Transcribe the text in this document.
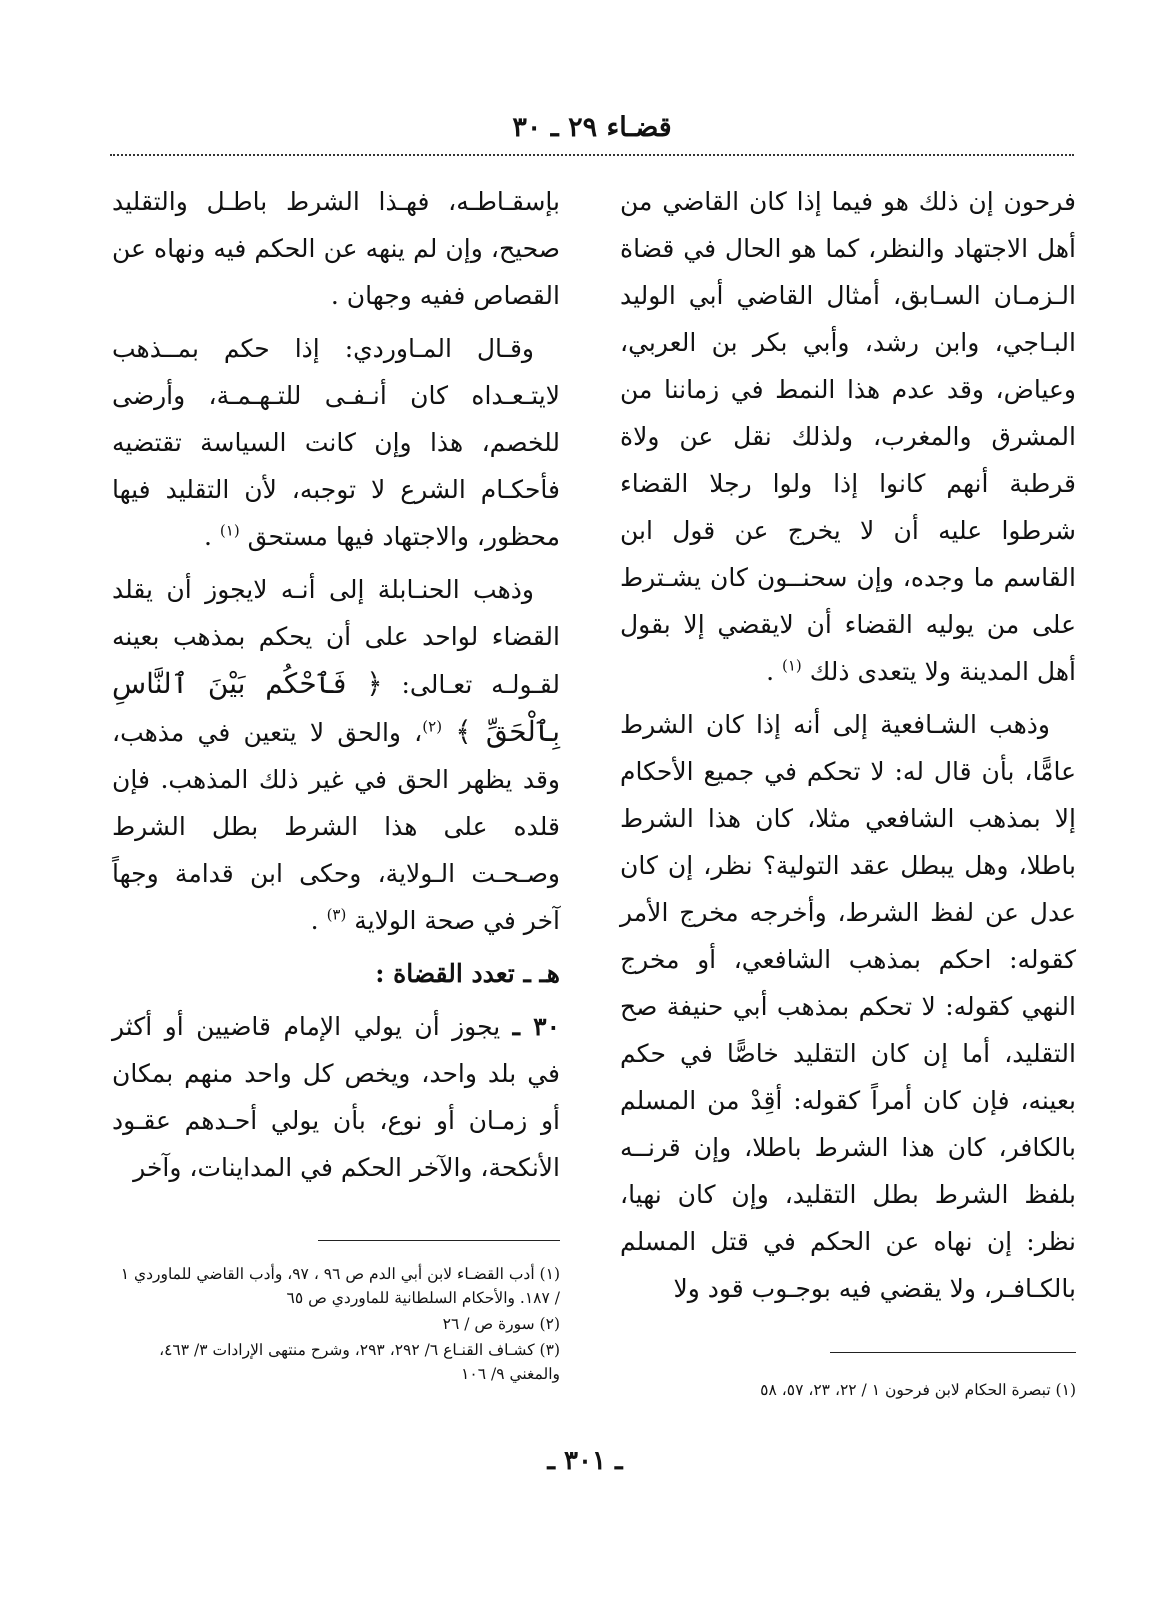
قضـاء ٢٩ ـ ٣٠

فرحون إن ذلك هو فيما إذا كان القاضي من أهل الاجتهاد والنظر، كما هو الحال في قضاة الـزمـان السـابق، أمثال القاضي أبي الوليد البـاجي، وابن رشد، وأبي بكر بن العربي، وعياض، وقد عدم هذا النمط في زماننا من المشرق والمغرب، ولذلك نقل عن ولاة قرطبة أنهم كانوا إذا ولوا رجلا القضاء شرطوا عليه أن لا يخرج عن قول ابن القاسم ما وجده، وإن سحنــون كان يشـترط على من يوليه القضاء أن لايقضي إلا بقول أهل المدينة ولا يتعدى ذلك $^{(١)}$ .

وذهب الشـافعية إلى أنه إذا كان الشرط عامًّا، بأن قال له: لا تحكم في جميع الأحكام إلا بمذهب الشافعي مثلا، كان هذا الشرط باطلا، وهل يبطل عقد التولية؟ نظر، إن كان عدل عن لفظ الشرط، وأخرجه مخرج الأمر كقوله: احكم بمذهب الشافعي، أو مخرج النهي كقوله: لا تحكم بمذهب أبي حنيفة صح التقليد، أما إن كان التقليد خاصًّا في حكم بعينه، فإن كان أمراً كقوله: أقِدْ من المسلم بالكافر، كان هذا الشرط باطلا، وإن قرنــه بلفظ الشرط بطل التقليد، وإن كان نهيا، نظر: إن نهاه عن الحكم في قتل المسلم بالكـافـر، ولا يقضي فيه بوجـوب قود ولا

بإسقـاطـه، فهـذا الشرط باطـل والتقليد صحيح، وإن لم ينهه عن الحكم فيه ونهاه عن القصاص ففيه وجهان .

وقـال المـاوردي: إذا حكم بمــذهب لايتـعـداه كان أنـفـى للتـهـمـة، وأرضى للخصم، هذا وإن كانت السياسة تقتضيه فأحكـام الشرع لا توجبه، لأن التقليد فيها محظور، والاجتهاد فيها مستحق $^{(١)}$ .

وذهب الحنـابلة إلى أنـه لايجوز أن يقلد القضاء لواحد على أن يحكم بمذهب بعينه لقـولـه تعـالى: ﴿ فَٱحْكُم بَيْنَ ٱلنَّاسِ بِٱلْحَقِّ ﴾ $^{(٢)}$، والحق لا يتعين في مذهب، وقد يظهر الحق في غير ذلك المذهب. فإن قلده على هذا الشرط بطل الشرط وصـحـت الـولاية، وحكى ابن قدامة وجهاً آخر في صحة الولاية $^{(٣)}$ .

هـ ـ تعدد القضاة :

٣٠ ـ يجوز أن يولي الإمام قاضيين أو أكثر في بلد واحد، ويخص كل واحد منهم بمكان أو زمـان أو نوع، بأن يولي أحـدهم عقـود الأنكحة، والآخر الحكم في المداينات، وآخر

(١) أدب القضـاء لابن أبي الدم ص ٩٦ ، ٩٧، وأدب القاضي للماوردي ١ / ١٨٧. والأحكام السلطانية للماوردي ص ٦٥
(٢) سورة ص / ٢٦
(٣) كشـاف القنـاع ٦/ ٢٩٢، ٢٩٣، وشرح منتهى الإرادات ٣/ ٤٦٣، والمغني ٩/ ١٠٦
(١) تبصرة الحكام لابن فرحون ١ / ٢٢، ٢٣، ٥٧، ٥٨
ـ ٣٠١ ـ
